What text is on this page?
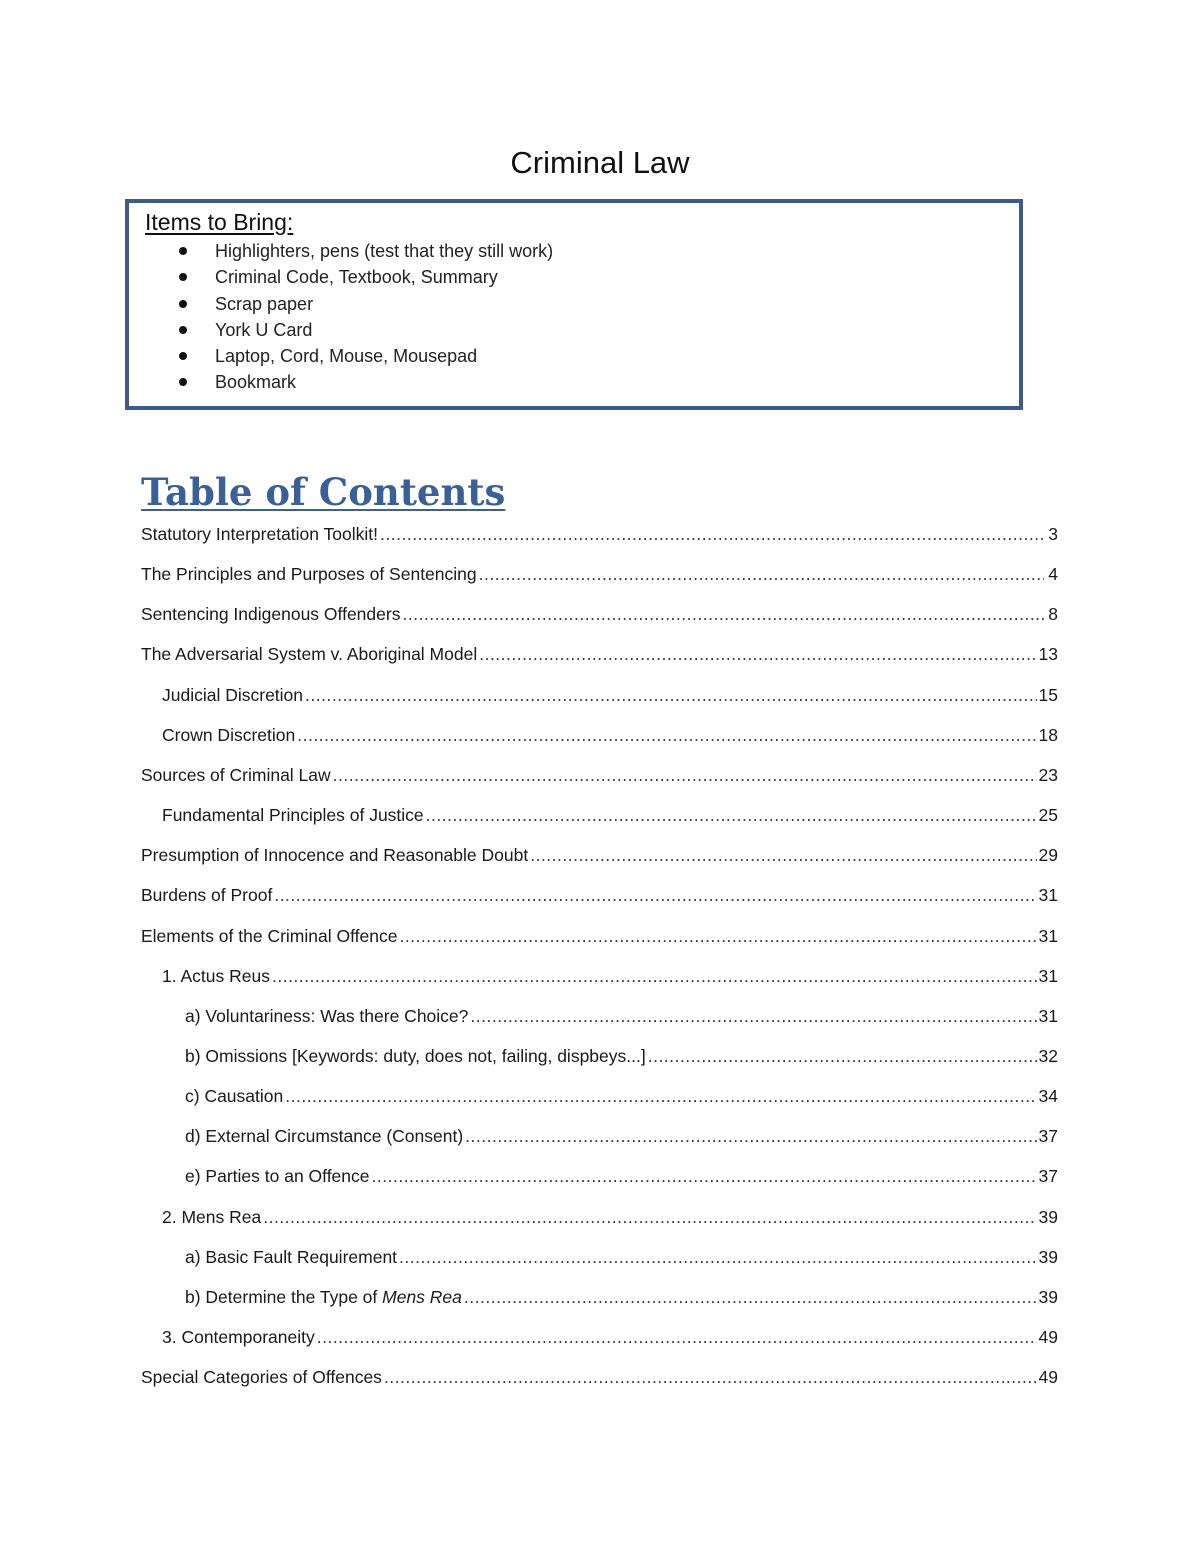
Criminal Law
Items to Bring:
Highlighters, pens (test that they still work)
Criminal Code, Textbook, Summary
Scrap paper
York U Card
Laptop, Cord, Mouse, Mousepad
Bookmark
Table of Contents
Statutory Interpretation Toolkit! .....	3
The Principles and Purposes of Sentencing .....	4
Sentencing Indigenous Offenders .....	8
The Adversarial System v. Aboriginal Model .....	13
Judicial Discretion .....	15
Crown Discretion .....	18
Sources of Criminal Law .....	23
Fundamental Principles of Justice .....	25
Presumption of Innocence and Reasonable Doubt .....	29
Burdens of Proof .....	31
Elements of the Criminal Offence .....	31
1. Actus Reus .....	31
a) Voluntariness: Was there Choice? .....	31
b) Omissions [Keywords: duty, does not, failing, dispbeys...] .....	32
c) Causation .....	34
d) External Circumstance (Consent) .....	37
e) Parties to an Offence .....	37
2. Mens Rea .....	39
a) Basic Fault Requirement .....	39
b) Determine the Type of Mens Rea .....	39
3. Contemporaneity .....	49
Special Categories of Offences .....	49
